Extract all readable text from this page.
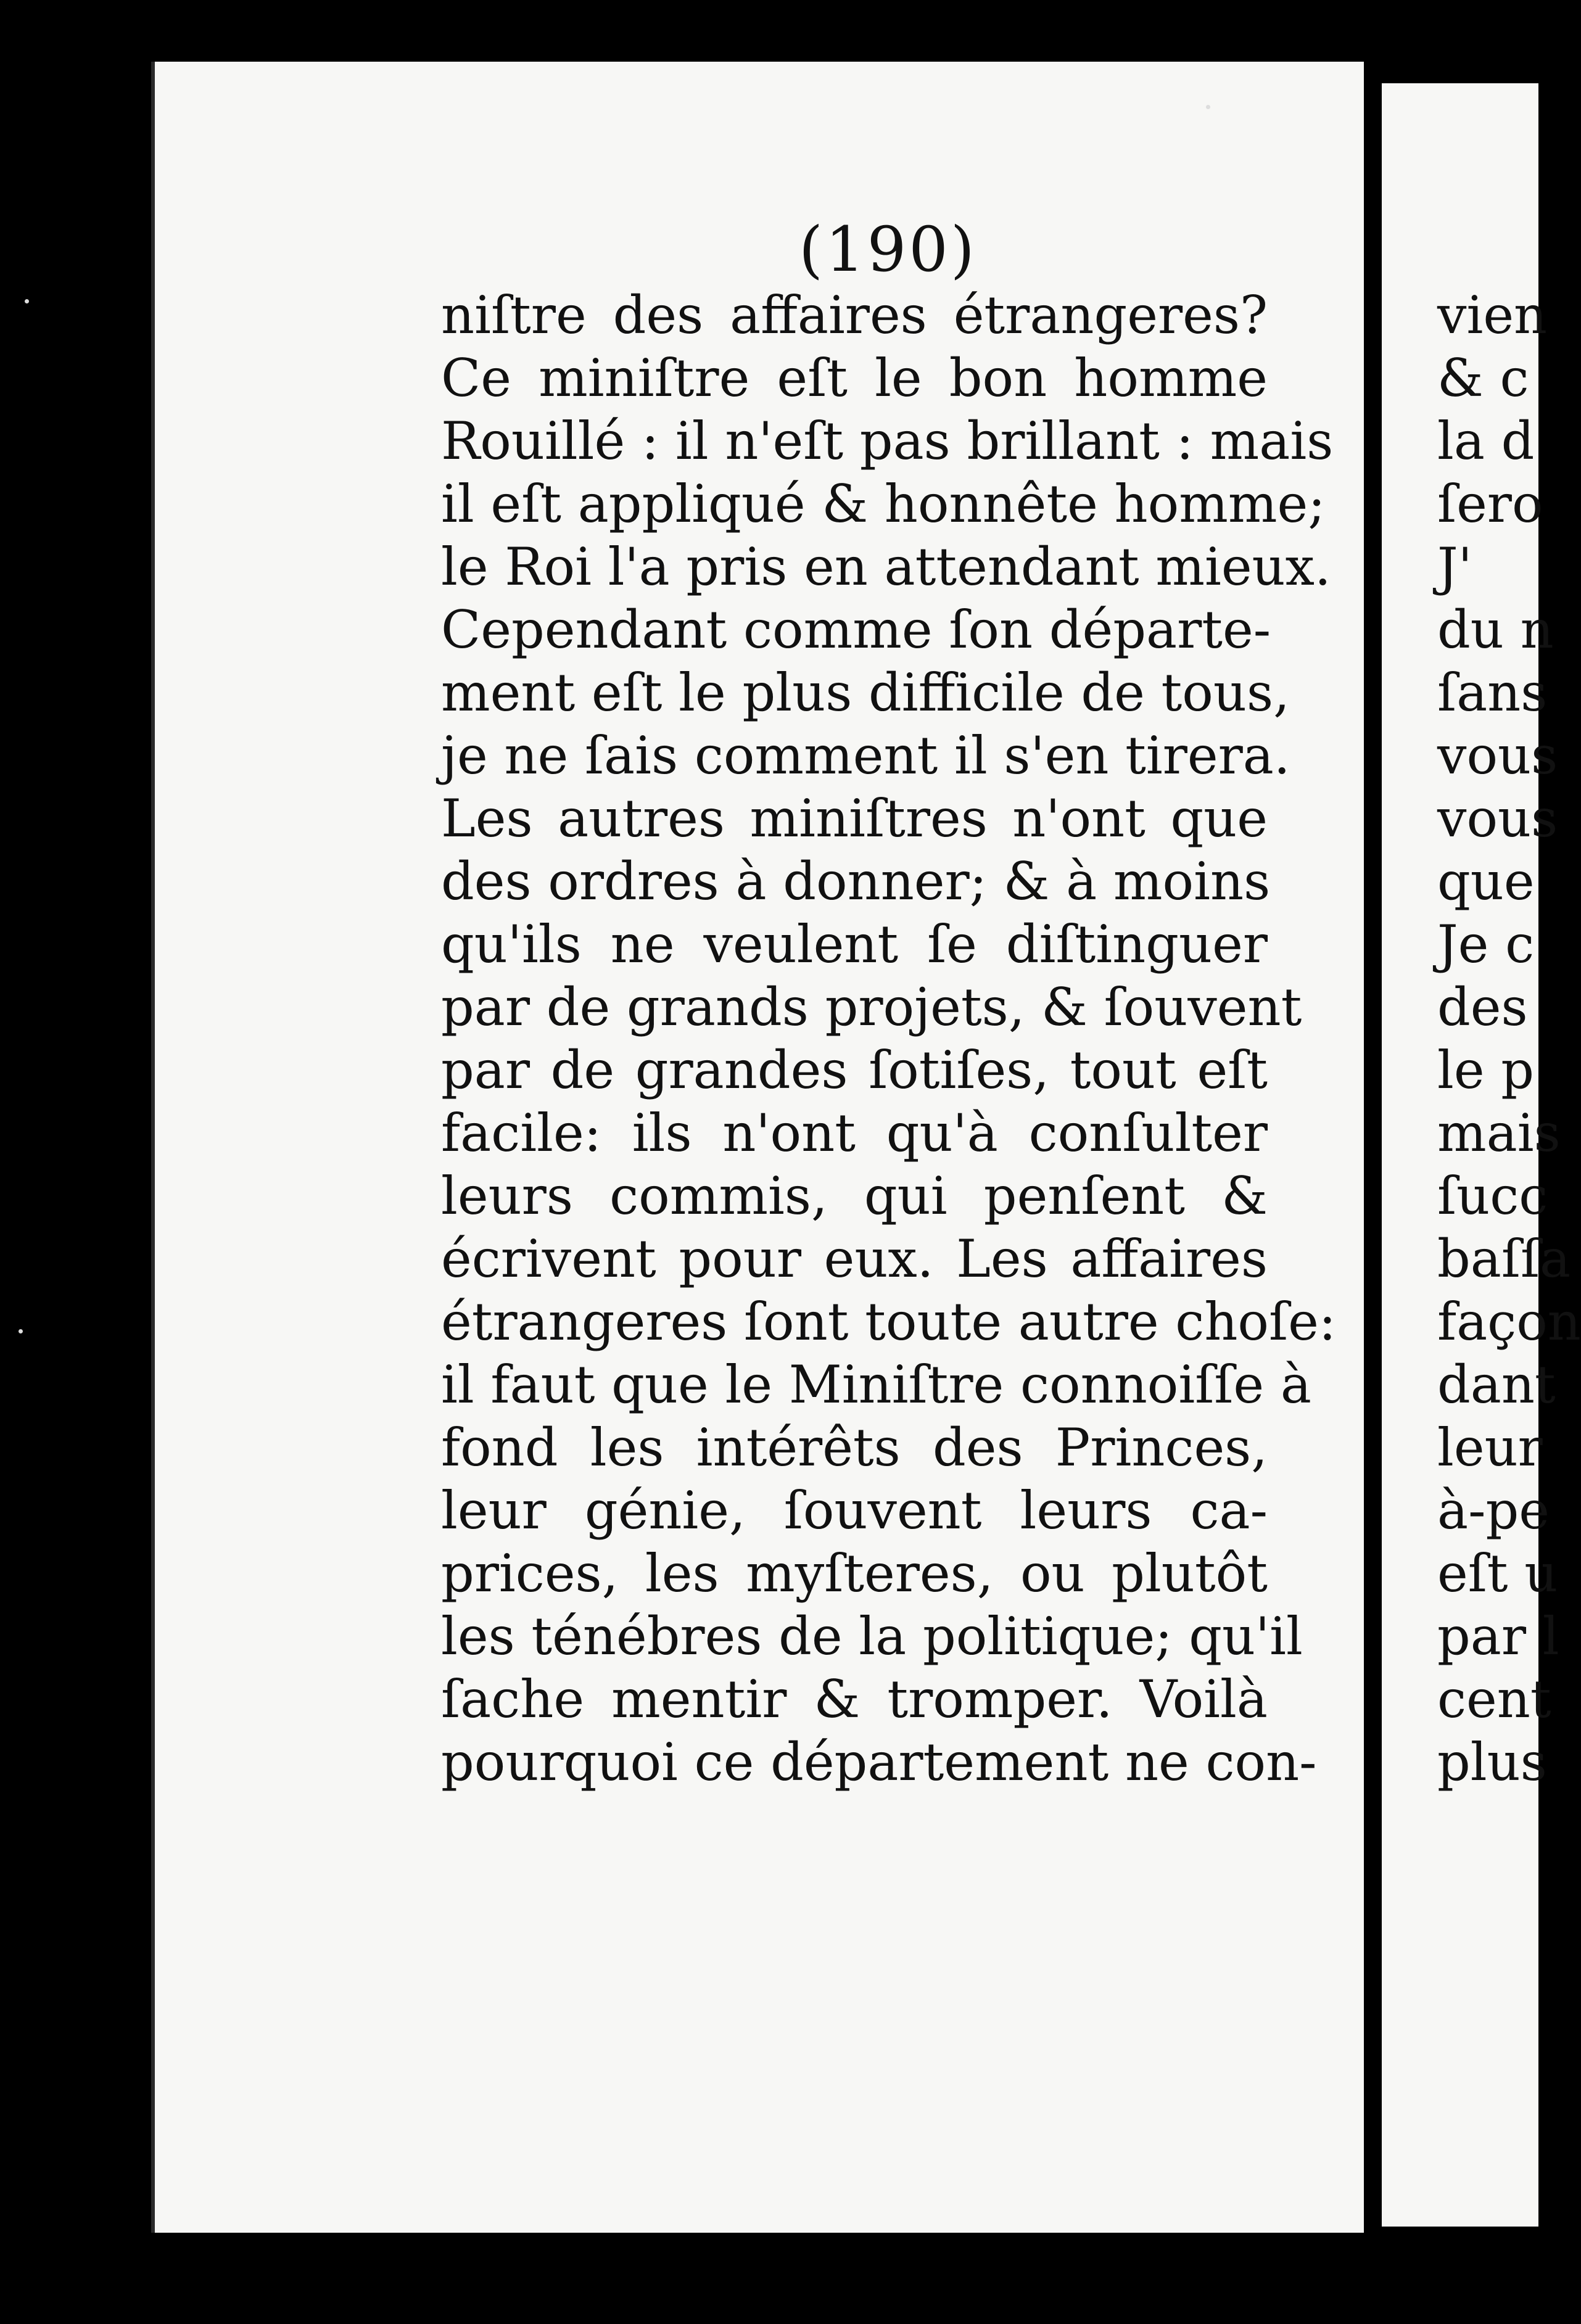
(190)
niſtre des affaires étrangeres?
Ce miniſtre eſt le bon homme
Rouillé : il n'eſt pas brillant : mais
il eſt appliqué & honnête homme;
le Roi l'a pris en attendant mieux.
Cependant comme ſon départe-
ment eſt le plus difficile de tous,
je ne ſais comment il s'en tirera.
Les autres miniſtres n'ont que
des ordres à donner; & à moins
qu'ils ne veulent ſe diſtinguer
par de grands projets, & ſouvent
par de grandes ſotiſes, tout eſt
facile: ils n'ont qu'à conſulter
leurs commis, qui penſent &
écrivent pour eux. Les affaires
étrangeres ſont toute autre choſe:
il faut que le Miniſtre connoiſſe à
fond les intérêts des Princes,
leur génie, ſouvent leurs ca-
prices, les myſteres, ou plutôt
les ténébres de la politique; qu'il
ſache mentir & tromper. Voilà
pourquoi ce département ne con-
vien
& c
la d
ſero
J'
du n
ſans
vous
vous
que
Je c
des
le p
mais
ſucc
baſſa
façon
dant
leur
à-pe
eſt u
par l
cent
plus
